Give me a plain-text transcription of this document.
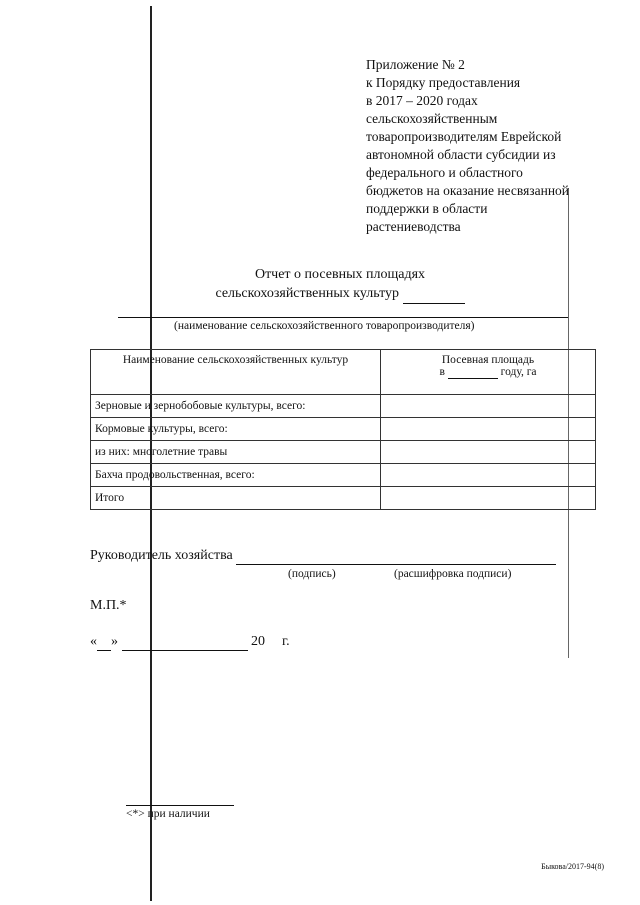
Приложение № 2
к Порядку предоставления
в 2017 – 2020 годах
сельскохозяйственным
товаропроизводителям Еврейской
автономной области субсидии из
федерального и областного
бюджетов на оказание несвязанной
поддержки в области
растениеводства
Отчет о посевных площадях
сельскохозяйственных культур
(наименование сельскохозяйственного товаропроизводителя)
Наименование сельскохозяйственных культур	Посевная площадь
в году, га

Зерновые и зернобобовые культуры, всего:	
Кормовые культуры, всего:	
из них: многолетние травы	
Бахча продовольственная, всего:	
Итого	
Руководитель хозяйства
(подпись)	(расшифровка подписи)
М.П.*
« »	20 г.
<*> при наличии
Быкова/2017-94(8)
